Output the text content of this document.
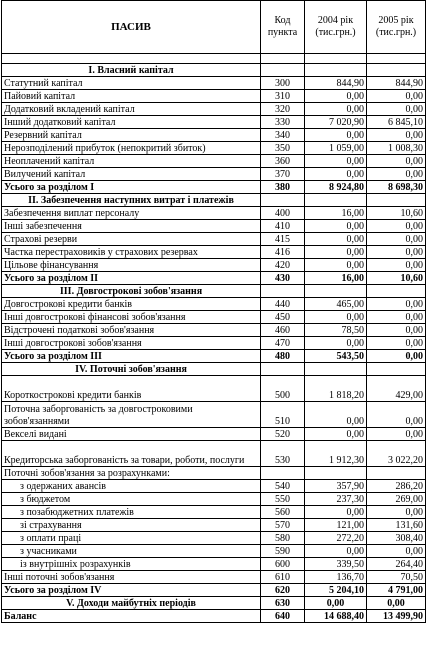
ПАСИВ	Код пункта	2004 рік (тис.грн.)	2005 рік (тис.грн.)

І. Власний капітал			
Статутний капітал	300	844,90	844,90
Пайовий капітал	310	0,00	0,00
Додатковий вкладений капітал	320	0,00	0,00
Інший додатковий капітал	330	7 020,90	6 845,10
Резервний капітал	340	0,00	0,00
Нерозподілений прибуток (непокритий збиток)	350	1 059,00	1 008,30
Неоплачений капітал	360	0,00	0,00
Вилучений капітал	370	0,00	0,00
Усього за розділом І	380	8 924,80	8 698,30
ІІ. Забезпечення наступних витрат і платежів			
Забезпечення виплат персоналу	400	16,00	10,60
Інші забезпечення	410	0,00	0,00
Страхові резерви	415	0,00	0,00
Частка перестраховиків у страхових резервах	416	0,00	0,00
Цільове фінансування	420	0,00	0,00
Усього за розділом ІІ	430	16,00	10,60
ІІІ. Довгострокові зобов'язання			
Довгострокові кредити банків	440	465,00	0,00
Інші довгострокові фінансові зобов'язання	450	0,00	0,00
Відстрочені податкові зобов'язання	460	78,50	0,00
Інші довгострокові зобов'язання	470	0,00	0,00
Усього за розділом ІІІ	480	543,50	0,00
IV. Поточні зобов'язання			
Короткострокові кредити банків	500	1 818,20	429,00
Поточна заборгованість за довгостроковими зобов'язаннями	510	0,00	0,00
Векселі видані	520	0,00	0,00
Кредиторська заборгованість за товари, роботи, послуги	530	1 912,30	3 022,20
Поточні зобов'язання за розрахунками:			
з одержаних авансів	540	357,90	286,20
з бюджетом	550	237,30	269,00
з позабюджетних платежів	560	0,00	0,00
зі страхування	570	121,00	131,60
з оплати праці	580	272,20	308,40
з учасниками	590	0,00	0,00
із внутрішніх розрахунків	600	339,50	264,40
Інші поточні зобов'язання	610	136,70	70,50
Усього за розділом IV	620	5 204,10	4 791,00
V. Доходи майбутніх періодів	630	0,00	0,00
Баланс	640	14 688,40	13 499,90
